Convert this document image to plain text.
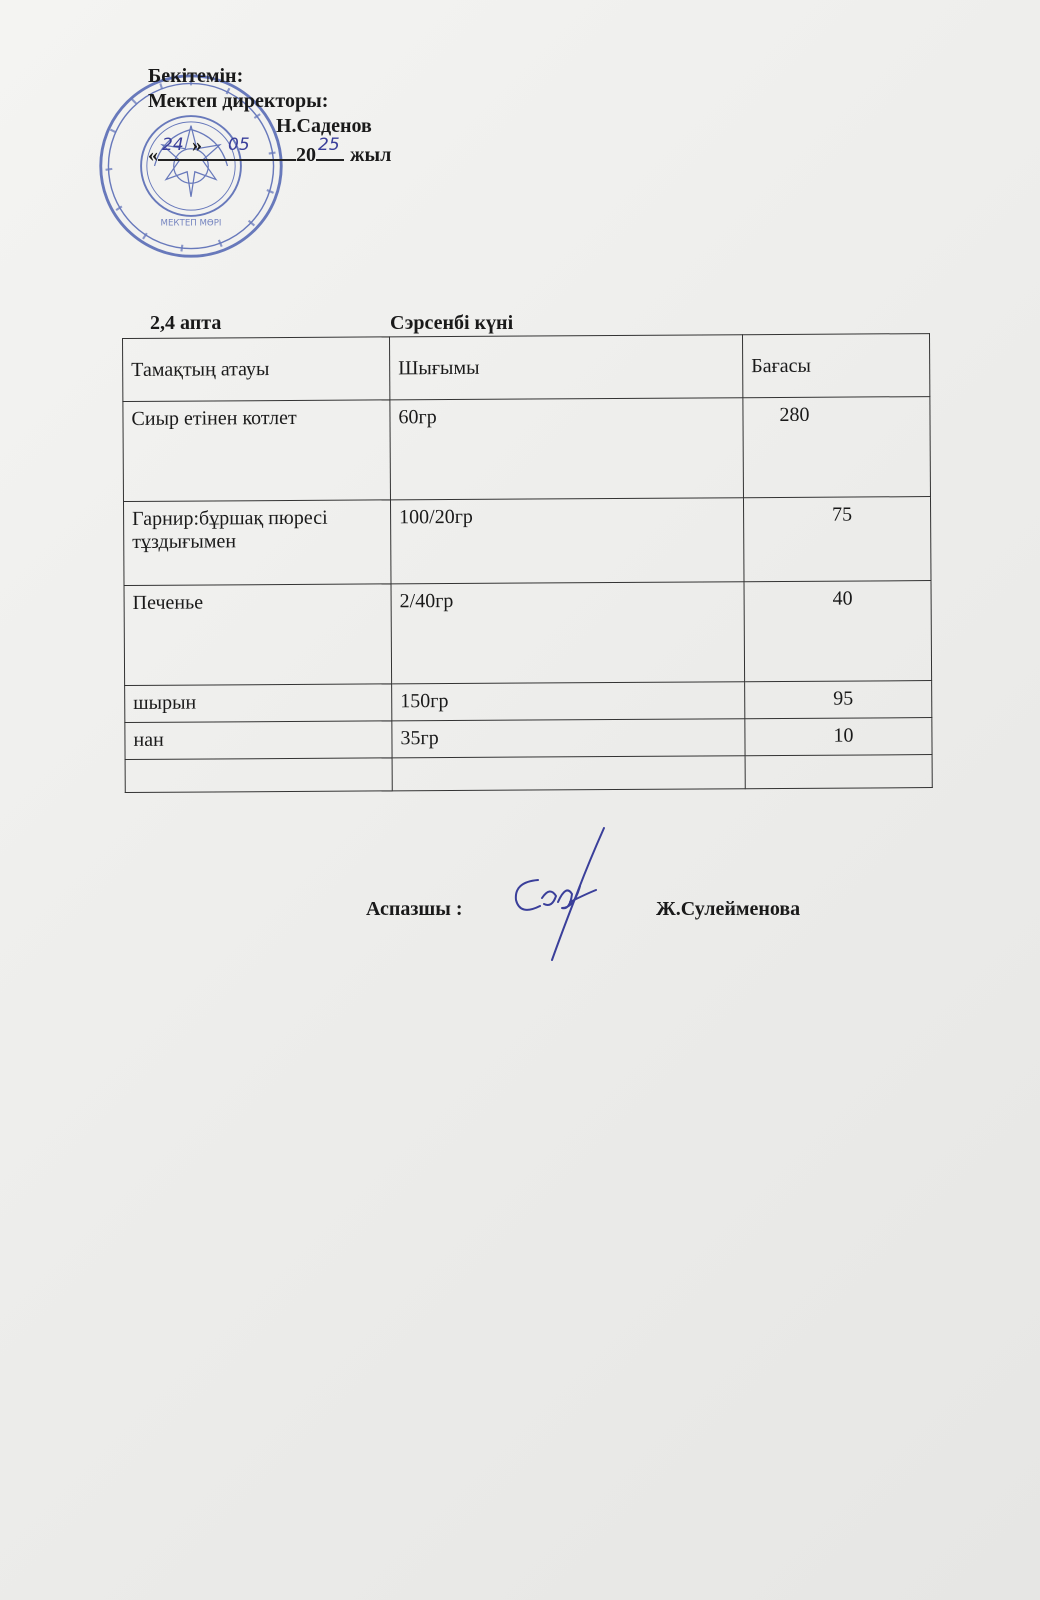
МЕКТЕП МӨРІ
Бекітемін:
Мектеп директоры:
Н.Саденов
« 24 » 05 20 25 жыл
2,4 апта	Сэрсенбі күні
Тамақтың атауы	Шығымы	Бағасы
Сиыр етінен котлет	60гр	280
Гарнир:бұршақ пюресі тұздығымен	100/20гр	75
Печенье	2/40гр	40
шырын	150гр	95
нан	35гр	10

Аспазшы :	Ж.Сулейменова
